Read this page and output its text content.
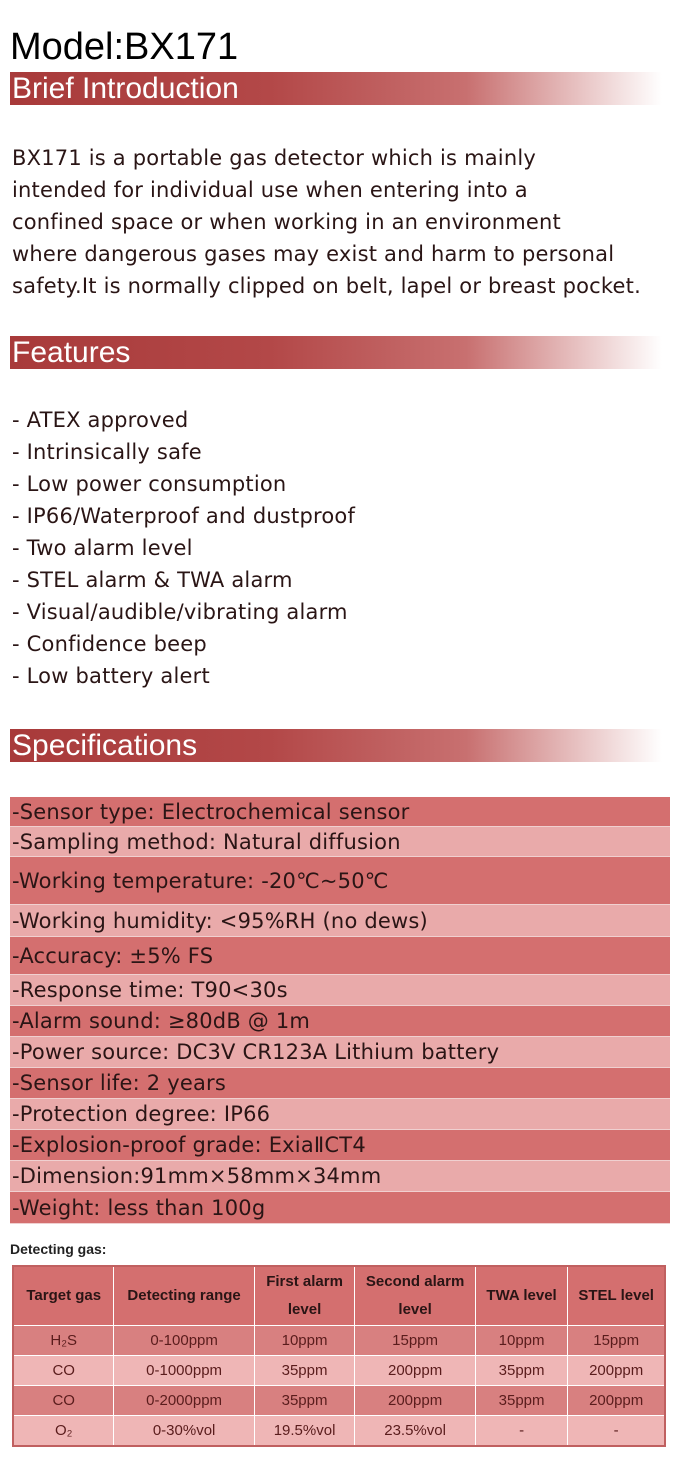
Model:BX171
Brief Introduction
BX171 is a portable gas detector which is mainly
intended for individual use when entering into a
confined space or when working in an environment
where dangerous gases may exist and harm to personal
safety.It is normally clipped on belt, lapel or breast pocket.
Features
- ATEX approved
- Intrinsically safe
- Low power consumption
- IP66/Waterproof and dustproof
- Two alarm level
- STEL alarm & TWA alarm
- Visual/audible/vibrating alarm
- Confidence beep
- Low battery alert
Specifications
-Sensor type: Electrochemical sensor
-Sampling method: Natural diffusion
-Working temperature: -20℃~50℃
-Working humidity: <95%RH (no dews)
-Accuracy: ±5% FS
-Response time: T90<30s
-Alarm sound: ≥80dB @ 1m
-Power source: DC3V CR123A Lithium battery
-Sensor life: 2 years
-Protection degree: IP66
-Explosion-proof grade: ExiaⅡCT4
-Dimension:91mm×58mm×34mm
-Weight: less than 100g
Detecting gas:
Target gas	Detecting range	First alarm level	Second alarm level	TWA level	STEL level
H₂S	0-100ppm	10ppm	15ppm	10ppm	15ppm
CO	0-1000ppm	35ppm	200ppm	35ppm	200ppm
CO	0-2000ppm	35ppm	200ppm	35ppm	200ppm
O₂	0-30%vol	19.5%vol	23.5%vol	-	-
